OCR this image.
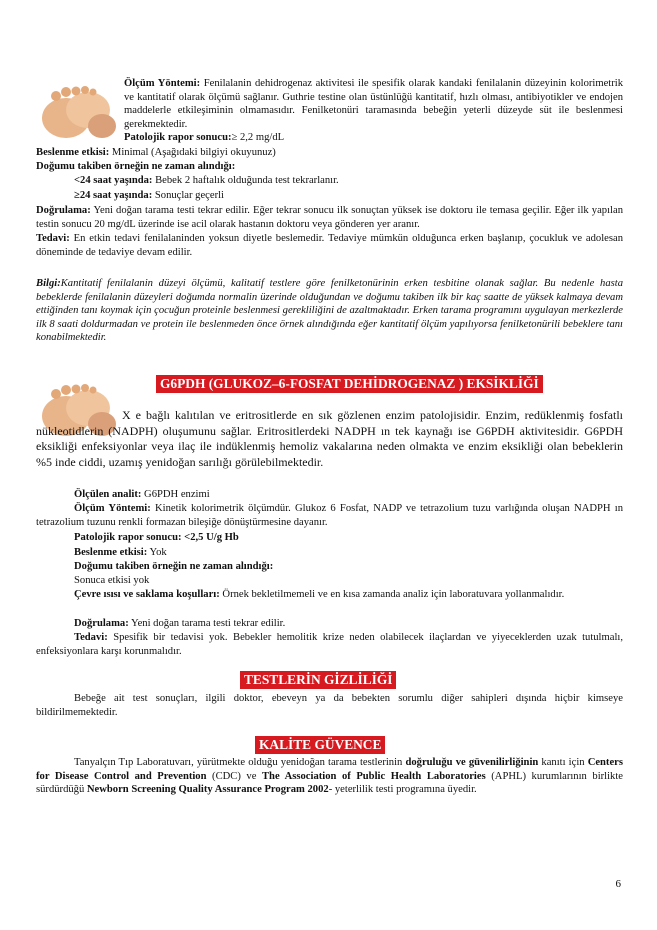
Ölçüm Yöntemi: Fenilalanin dehidrogenaz aktivitesi ile spesifik olarak kandaki fenilalanin düzeyinin kolorimetrik ve kantitatif olarak ölçümü sağlanır. Guthrie testine olan üstünlüğü kantitatif, hızlı olması, antibiyotikler ve endojen maddelerle etkileşiminin olmamasıdır. Fenilketonüri taramasında bebeğin yeterli düzeyde süt ile beslenmesi gerekmektedir.
Patolojik rapor sonucu:≥ 2,2 mg/dL
Beslenme etkisi: Minimal (Aşağıdaki bilgiyi okuyunuz)
Doğumu takiben örneğin ne zaman alındığı:
<24 saat yaşında: Bebek 2 haftalık olduğunda test tekrarlanır.
≥24 saat yaşında: Sonuçlar geçerli
Doğrulama: Yeni doğan tarama testi tekrar edilir. Eğer tekrar sonucu ilk sonuçtan yüksek ise doktoru ile temasa geçilir. Eğer ilk yapılan testin sonucu 20 mg/dL üzerinde ise acil olarak hastanın doktoru veya gönderen yer aranır.
Tedavi: En etkin tedavi fenilalaninden yoksun diyetle beslemedir. Tedaviye mümkün olduğunca erken başlanıp, çocukluk ve adolesan döneminde de tedaviye devam edilir.
Bilgi:Kantitatif fenilalanin düzeyi ölçümü, kalitatif testlere göre fenilketonürinin erken tesbitine olanak sağlar. Bu nedenle hasta bebeklerde fenilalanin düzeyleri doğumda normalin üzerinde olduğundan ve doğumu takiben ilk bir kaç saatte de yüksek kalmaya devam ettiğinden tanı koymak için çocuğun proteinle beslenmesi gerekliliğini de azaltmaktadır. Erken tarama programını uygulayan merkezlerde ilk 8 saati doldurmadan ve protein ile beslenmeden önce örnek alındığında eğer kantitatif ölçüm yapılıyorsa fenilketonürili bebeklere tanı konabilmektedir.
G6PDH (GLUKOZ–6-FOSFAT DEHİDROGENAZ ) EKSİKLİĞİ
X e bağlı kalıtılan ve eritrositlerde en sık gözlenen enzim patolojisidir. Enzim, redüklenmiş fosfatlı nükleotidlerin (NADPH) oluşumunu sağlar. Eritrositlerdeki NADPH ın tek kaynağı ise G6PDH aktivitesidir. G6PDH eksikliği enfeksiyonlar veya ilaç ile indüklenmiş hemoliz vakalarına neden olmakta ve enzim eksikliği olan bebeklerin %5 inde ciddi, uzamış yenidoğan sarılığı görülebilmektedir.
Ölçülen analit: G6PDH enzimi
Ölçüm Yöntemi: Kinetik kolorimetrik ölçümdür. Glukoz 6 Fosfat, NADP ve tetrazolium tuzu varlığında oluşan NADPH ın tetrazolium tuzunu renkli formazan bileşiğe dönüştürmesine dayanır.
Patolojik rapor sonucu: <2,5 U/g Hb
Beslenme etkisi: Yok
Doğumu takiben örneğin ne zaman alındığı:
Sonuca etkisi yok
Çevre ısısı ve saklama koşulları: Örnek bekletilmemeli ve en kısa zamanda analiz için laboratuvara yollanmalıdır.
Doğrulama: Yeni doğan tarama testi tekrar edilir.
Tedavi: Spesifik bir tedavisi yok. Bebekler hemolitik krize neden olabilecek ilaçlardan ve yiyeceklerden uzak tutulmalı, enfeksiyonlara karşı korunmalıdır.
TESTLERİN GİZLİLİĞİ
Bebeğe ait test sonuçları, ilgili doktor, ebeveyn ya da bebekten sorumlu diğer sahipleri dışında hiçbir kimseye bildirilmemektedir.
KALİTE GÜVENCE
Tanyalçın Tıp Laboratuvarı, yürütmekte olduğu yenidoğan tarama testlerinin doğruluğu ve güvenilirliğinin kanıtı için Centers for Disease Control and Prevention (CDC) ve The Association of Public Health Laboratories (APHL) kurumlarının birlikte sürdürdüğü Newborn Screening Quality Assurance Program 2002- yeterlilik testi programına üyedir.
6
